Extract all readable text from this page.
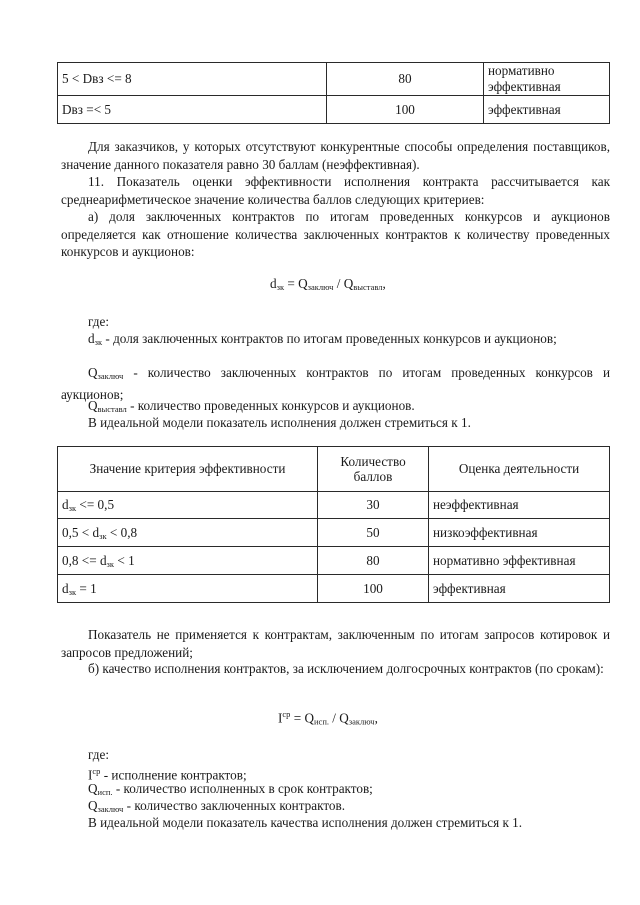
5 < Dвз <= 8	80	нормативно эффективная
Dвз =< 5	100	эффективная
Для заказчиков, у которых отсутствуют конкурентные способы определения поставщиков, значение данного показателя равно 30 баллам (неэффективная).
11. Показатель оценки эффективности исполнения контракта рассчитывается как среднеарифметическое значение количества баллов следующих критериев:
а) доля заключенных контрактов по итогам проведенных конкурсов и аукционов определяется как отношение количества заключенных контрактов к количеству проведенных конкурсов и аукционов:
$d_{зк} = Q_{заключ} / Q_{выставл}$,
где:
$d_{зк}$ - доля заключенных контрактов по итогам проведенных конкурсов и аукционов;
$Q_{заключ}$ - количество заключенных контрактов по итогам проведенных конкурсов и аукционов;
$Q_{выставл}$ - количество проведенных конкурсов и аукционов.
В идеальной модели показатель исполнения должен стремиться к 1.
Значение критерия эффективности	Количество баллов	Оценка деятельности
$d_{зк} <= 0,5$	30	неэффективная
$0,5 < d_{зк} < 0,8$	50	низкоэффективная
$0,8 <= d_{зк} < 1$	80	нормативно эффективная
$d_{зк} = 1$	100	эффективная
Показатель не применяется к контрактам, заключенным по итогам запросов котировок и запросов предложений;
б) качество исполнения контрактов, за исключением долгосрочных контрактов (по срокам):
$I^{ср} = Q_{исп.} / Q_{заключ}$,
где:
$I^{ср}$ - исполнение контрактов;
$Q_{исп.}$ - количество исполненных в срок контрактов;
$Q_{заключ}$ - количество заключенных контрактов.
В идеальной модели показатель качества исполнения должен стремиться к 1.
